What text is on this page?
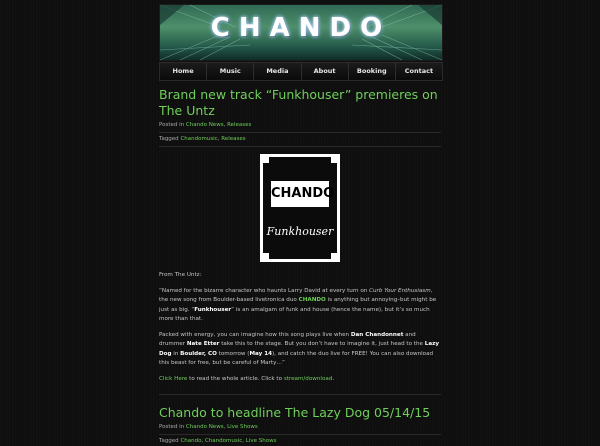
CHANDO
Home	Music	Media	About	Booking	Contact
Brand new track “Funkhouser” premieres on The Untz
Posted in Chando News, Releases
Tagged Chandomusic, Releases
CHANDO
Funkhouser

From The Untz:

“Named for the bizarre character who haunts Larry David at every turn on Curb Your Enthusiasm, the new song from Boulder-based livetronica duo CHANDO is anything but annoying–but might be just as big. “Funkhouser” is an amalgam of funk and house (hence the name), but it’s so much more than that.

Packed with energy, you can imagine how this song plays live when Dan Chandonnet and drummer Nate Etter take this to the stage. But you don’t have to imagine it, just head to the Lazy Dog in Boulder, CO tomorrow (May 14), and catch the duo live for FREE! You can also download this beast for free, but be careful of Marty…”

Click Here to read the whole article. Click to stream/download.

Chando to headline The Lazy Dog 05/14/15
Posted in Chando News, Live Shows
Tagged Chando, Chandomusic, Live Shows
